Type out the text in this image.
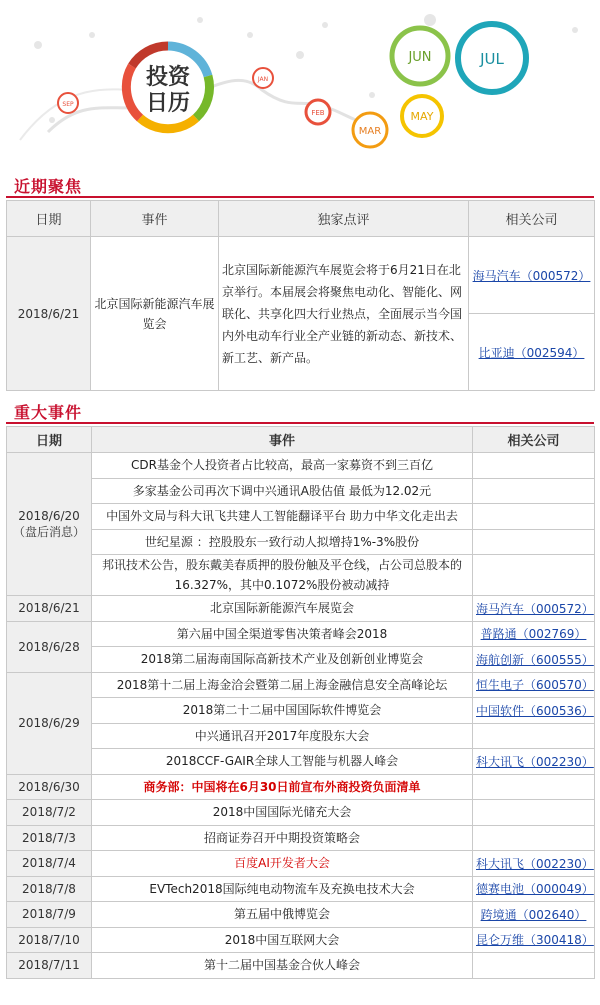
投资
日历
SEP
JAN
FEB
MAR
MAY
JUN	JUL
近期聚焦
日期	事件	独家点评	相关公司
2018/6/21	北京国际新能源汽车展览会	北京国际新能源汽车展览会将于6月21日在北京举行。本届展会将聚焦电动化、智能化、网联化、共享化四大行业热点，全面展示当今国内外电动车行业全产业链的新动态、新技术、新工艺、新产品。	海马汽车（000572）
			比亚迪（002594）
重大事件
日期	事件	相关公司

2018/6/20
（盘后消息）	CDR基金个人投资者占比较高，最高一家募资不到三百亿	
	多家基金公司再次下调中兴通讯A股估值 最低为12.02元	
	中国外文局与科大讯飞共建人工智能翻译平台 助力中华文化走出去	
	世纪星源 ：控股股东一致行动人拟增持1%-3%股份	
	邦讯技术公告，股东戴美春质押的股份触及平仓线，占公司总股本的16.327%，其中0.1072%股份被动减持	

2018/6/21	北京国际新能源汽车展览会	海马汽车（000572）

2018/6/28	第六届中国全渠道零售决策者峰会2018	普路通（002769）
	2018第二届海南国际高新技术产业及创新创业博览会	海航创新（600555）

2018/6/29	2018第十二届上海金洽会暨第二届上海金融信息安全高峰论坛	恒生电子（600570）
	2018第二十二届中国国际软件博览会	中国软件（600536）
	中兴通讯召开2017年度股东大会	
	2018CCF-GAIR全球人工智能与机器人峰会	科大讯飞（002230）

2018/6/30	商务部：中国将在6月30日前宣布外商投资负面清单	

2018/7/2	2018中国国际光储充大会	

2018/7/3	招商证券召开中期投资策略会	

2018/7/4	百度AI开发者大会	科大讯飞（002230）

2018/7/8	EVTech2018国际纯电动物流车及充换电技术大会	德赛电池（000049）

2018/7/9	第五届中俄博览会	跨境通（002640）

2018/7/10	2018中国互联网大会	昆仑万维（300418）

2018/7/11	第十二届中国基金合伙人峰会	
